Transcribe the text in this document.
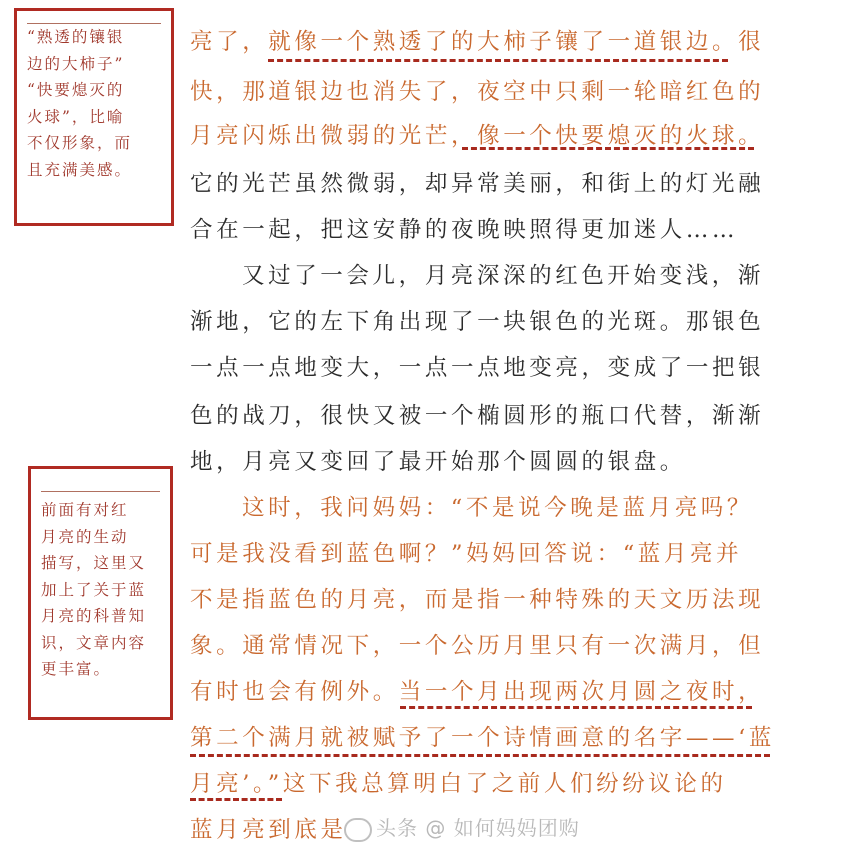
“熟透的镶银
边的大柿子”
“快要熄灭的
火球”，比喻
不仅形象，而
且充满美感。
前面有对红
月亮的生动
描写，这里又
加上了关于蓝
月亮的科普知
识，文章内容
更丰富。
亮了，就像一个熟透了的大柿子镶了一道银边。很
快，那道银边也消失了，夜空中只剩一轮暗红色的
月亮闪烁出微弱的光芒，像一个快要熄灭的火球。
它的光芒虽然微弱，却异常美丽，和街上的灯光融
合在一起，把这安静的夜晚映照得更加迷人……
又过了一会儿，月亮深深的红色开始变浅，渐
渐地，它的左下角出现了一块银色的光斑。那银色
一点一点地变大，一点一点地变亮，变成了一把银
色的战刀，很快又被一个椭圆形的瓶口代替，渐渐
地，月亮又变回了最开始那个圆圆的银盘。
这时，我问妈妈：“不是说今晚是蓝月亮吗？
可是我没看到蓝色啊？”妈妈回答说：“蓝月亮并
不是指蓝色的月亮，而是指一种特殊的天文历法现
象。通常情况下，一个公历月里只有一次满月，但
有时也会有例外。当一个月出现两次月圆之夜时，
第二个满月就被赋予了一个诗情画意的名字——‘蓝
月亮’。”这下我总算明白了之前人们纷纷议论的
蓝月亮到底是	头条 @ 如何妈妈团购
